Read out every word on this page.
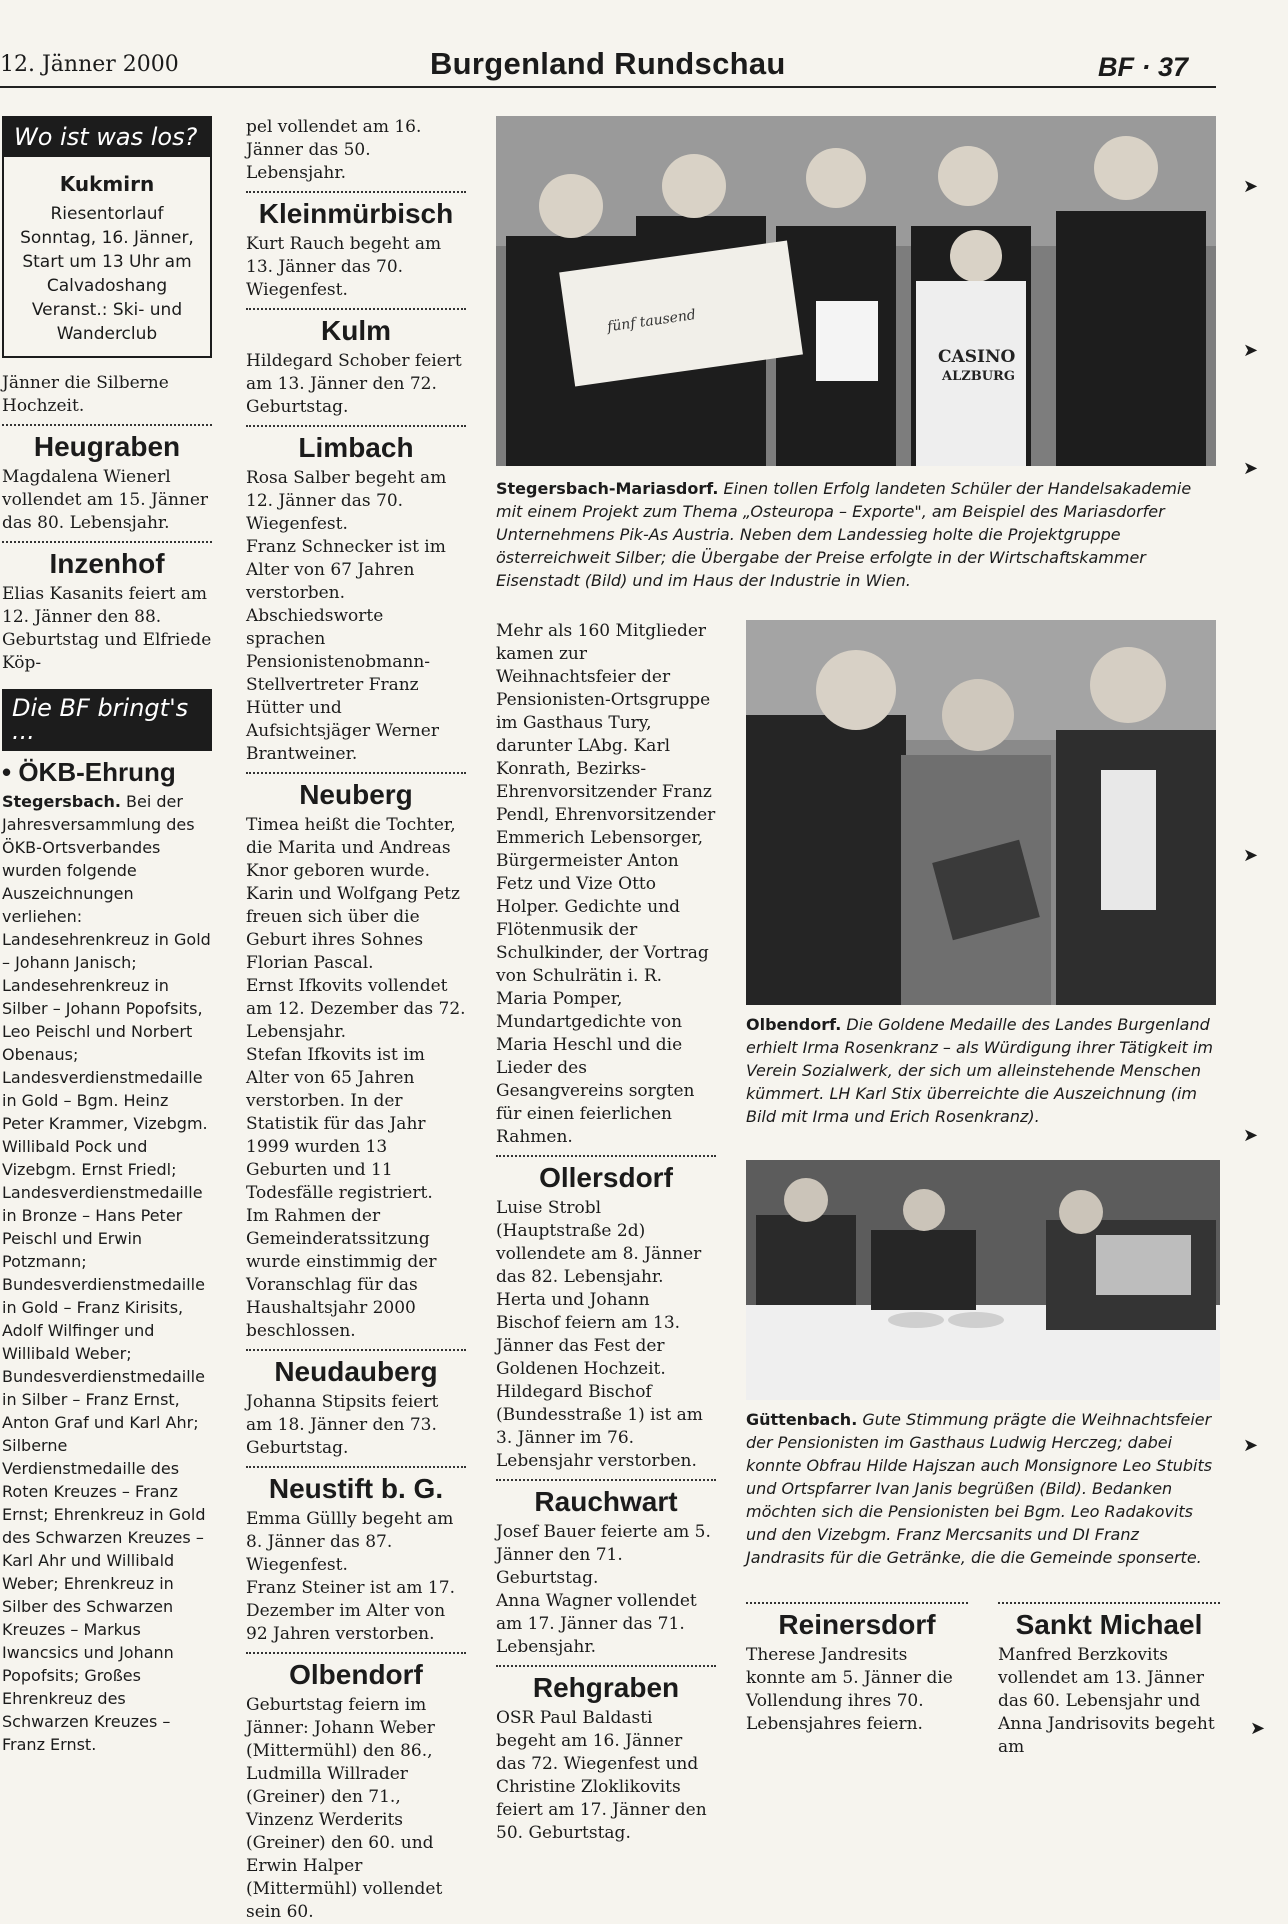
12. Jänner 2000	Burgenland Rundschau	BF · 37
Wo ist was los?
Kukmirn
Riesentorlauf Sonntag, 16. Jänner, Start um 13 Uhr am Calvadoshang Veranst.: Ski- und Wanderclub

Jänner die Silberne Hochzeit.

Heugraben

Magdalena Wienerl vollendet am 15. Jänner das 80. Lebensjahr.

Inzenhof

Elias Kasanits feiert am 12. Jänner den 88. Geburtstag und Elfriede Köp-

Die BF bringt's ...
• ÖKB-Ehrung

Stegersbach. Bei der Jahresversammlung des ÖKB-Ortsverbandes wurden folgende Auszeichnungen verliehen: Landesehrenkreuz in Gold – Johann Janisch; Landesehrenkreuz in Silber – Johann Popofsits, Leo Peischl und Norbert Obenaus; Landesverdienstmedaille in Gold – Bgm. Heinz Peter Krammer, Vizebgm. Willibald Pock und Vizebgm. Ernst Friedl; Landesverdienstmedaille in Bronze – Hans Peter Peischl und Erwin Potzmann; Bundesverdienstmedaille in Gold – Franz Kirisits, Adolf Wilfinger und Willibald Weber; Bundesverdienstmedaille in Silber – Franz Ernst, Anton Graf und Karl Ahr; Silberne Verdienstmedaille des Roten Kreuzes – Franz Ernst; Ehrenkreuz in Gold des Schwarzen Kreuzes – Karl Ahr und Willibald Weber; Ehrenkreuz in Silber des Schwarzen Kreuzes – Markus Iwancsics und Johann Popofsits; Großes Ehrenkreuz des Schwarzen Kreuzes – Franz Ernst.

pel vollendet am 16. Jänner das 50. Lebensjahr.

Kleinmürbisch

Kurt Rauch begeht am 13. Jänner das 70. Wiegenfest.

Kulm

Hildegard Schober feiert am 13. Jänner den 72. Geburtstag.

Limbach

Rosa Salber begeht am 12. Jänner das 70. Wiegenfest.

Franz Schnecker ist im Alter von 67 Jahren verstorben. Abschiedsworte sprachen Pensionistenobmann-Stellvertreter Franz Hütter und Aufsichtsjäger Werner Brantweiner.

Neuberg

Timea heißt die Tochter, die Marita und Andreas Knor geboren wurde. Karin und Wolfgang Petz freuen sich über die Geburt ihres Sohnes Florian Pascal.

Ernst Ifkovits vollendet am 12. Dezember das 72. Lebensjahr.

Stefan Ifkovits ist im Alter von 65 Jahren verstorben. In der Statistik für das Jahr 1999 wurden 13 Geburten und 11 Todesfälle registriert.

Im Rahmen der Gemeinderatssitzung wurde einstimmig der Voranschlag für das Haushaltsjahr 2000 beschlossen.

Neudauberg

Johanna Stipsits feiert am 18. Jänner den 73. Geburtstag.

Neustift b. G.

Emma Güllly begeht am 8. Jänner das 87. Wiegenfest.

Franz Steiner ist am 17. Dezember im Alter von 92 Jahren verstorben.

Olbendorf

Geburtstag feiern im Jänner: Johann Weber (Mittermühl) den 86., Ludmilla Willrader (Greiner) den 71., Vinzenz Werderits (Greiner) den 60. und Erwin Halper (Mittermühl) vollendet sein 60.

fünf tausend
CASINO
ALZBURG
Stegersbach-Mariasdorf. Einen tollen Erfolg landeten Schüler der Handelsakademie mit einem Projekt zum Thema „Osteuropa – Exporte", am Beispiel des Mariasdorfer Unternehmens Pik-As Austria. Neben dem Landessieg holte die Projektgruppe österreichweit Silber; die Übergabe der Preise erfolgte in der Wirtschaftskammer Eisenstadt (Bild) und im Haus der Industrie in Wien.

Mehr als 160 Mitglieder kamen zur Weihnachtsfeier der Pensionisten-Ortsgruppe im Gasthaus Tury, darunter LAbg. Karl Konrath, Bezirks-Ehrenvorsitzender Franz Pendl, Ehrenvorsitzender Emmerich Lebensorger, Bürgermeister Anton Fetz und Vize Otto Holper. Gedichte und Flötenmusik der Schulkinder, der Vortrag von Schulrätin i. R. Maria Pomper, Mundartgedichte von Maria Heschl und die Lieder des Gesangvereins sorgten für einen feierlichen Rahmen.

Ollersdorf

Luise Strobl (Hauptstraße 2d) vollendete am 8. Jänner das 82. Lebensjahr.

Herta und Johann Bischof feiern am 13. Jänner das Fest der Goldenen Hochzeit.

Hildegard Bischof (Bundesstraße 1) ist am 3. Jänner im 76. Lebensjahr verstorben.

Rauchwart

Josef Bauer feierte am 5. Jänner den 71. Geburtstag.

Anna Wagner vollendet am 17. Jänner das 71. Lebensjahr.

Rehgraben

OSR Paul Baldasti begeht am 16. Jänner das 72. Wiegenfest und Christine Zloklikovits feiert am 17. Jänner den 50. Geburtstag.

Olbendorf. Die Goldene Medaille des Landes Burgenland erhielt Irma Rosenkranz – als Würdigung ihrer Tätigkeit im Verein Sozialwerk, der sich um alleinstehende Menschen kümmert. LH Karl Stix überreichte die Auszeichnung (im Bild mit Irma und Erich Rosenkranz).
Güttenbach. Gute Stimmung prägte die Weihnachtsfeier der Pensionisten im Gasthaus Ludwig Herczeg; dabei konnte Obfrau Hilde Hajszan auch Monsignore Leo Stubits und Ortspfarrer Ivan Janis begrüßen (Bild). Bedanken möchten sich die Pensionisten bei Bgm. Leo Radakovits und den Vizebgm. Franz Mercsanits und DI Franz Jandrasits für die Getränke, die die Gemeinde sponserte.
Reinersdorf

Therese Jandresits konnte am 5. Jänner die Vollendung ihres 70. Lebensjahres feiern.

Sankt Michael

Manfred Berzkovits vollendet am 13. Jänner das 60. Lebensjahr und Anna Jandrisovits begeht am

➤
➤
➤
➤
➤
➤
➤
